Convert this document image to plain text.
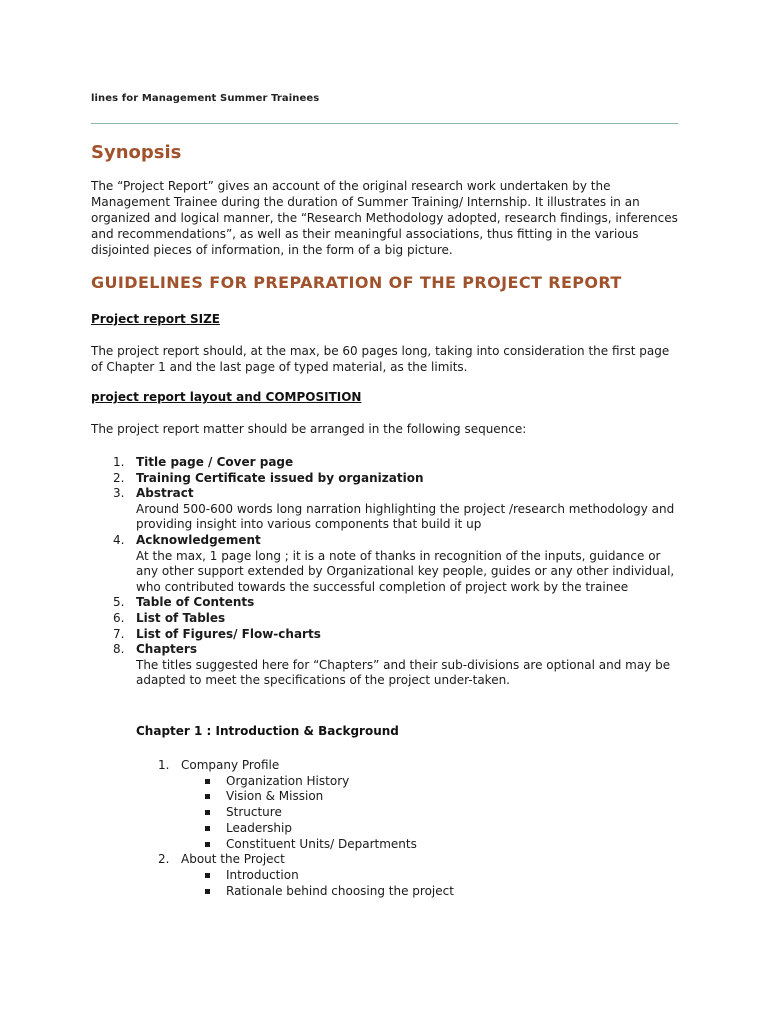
lines for Management Summer Trainees
Synopsis
The “Project Report” gives an account of the original research work undertaken by the Management Trainee during the duration of Summer Training/ Internship. It illustrates in an organized and logical manner, the “Research Methodology adopted, research findings, inferences and recommendations”, as well as their meaningful associations, thus fitting in the various disjointed pieces of information, in the form of a big picture.
GUIDELINES FOR PREPARATION OF THE PROJECT REPORT
Project report SIZE
The project report should, at the max, be 60 pages long, taking into consideration the first page of Chapter 1 and the last page of typed material, as the limits.
project report layout and COMPOSITION
The project report matter should be arranged in the following sequence:
1. Title page / Cover page
2. Training Certificate issued by organization
3. Abstract
Around 500-600 words long narration highlighting the project /research methodology and providing insight into various components that build it up
4. Acknowledgement
At the max, 1 page long ; it is a note of thanks in recognition of the inputs, guidance or any other support extended by Organizational key people, guides or any other individual, who contributed towards the successful completion of project work by the trainee
5. Table of Contents
6. List of Tables
7. List of Figures/ Flow-charts
8. Chapters
The titles suggested here for “Chapters” and their sub-divisions are optional and may be adapted to meet the specifications of the project under-taken.
Chapter 1 : Introduction & Background
1. Company Profile
Organization History
Vision & Mission
Structure
Leadership
Constituent Units/ Departments
2. About the Project
Introduction
Rationale behind choosing the project
